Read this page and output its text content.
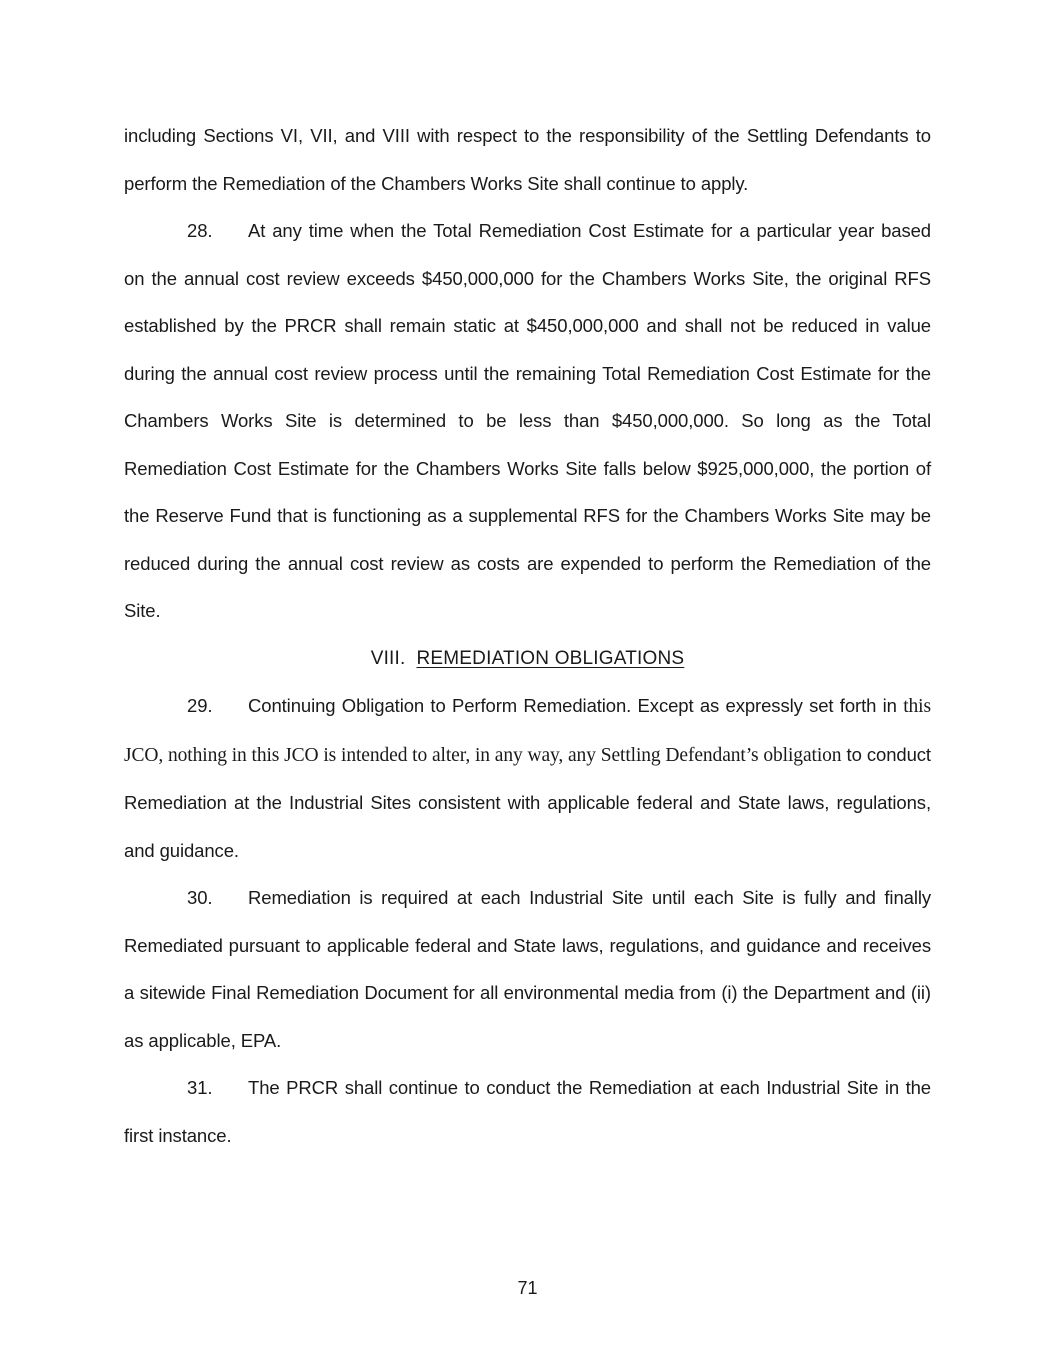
including Sections VI, VII, and VIII with respect to the responsibility of the Settling Defendants to perform the Remediation of the Chambers Works Site shall continue to apply.

28. At any time when the Total Remediation Cost Estimate for a particular year based on the annual cost review exceeds $450,000,000 for the Chambers Works Site, the original RFS established by the PRCR shall remain static at $450,000,000 and shall not be reduced in value during the annual cost review process until the remaining Total Remediation Cost Estimate for the Chambers Works Site is determined to be less than $450,000,000. So long as the Total Remediation Cost Estimate for the Chambers Works Site falls below $925,000,000, the portion of the Reserve Fund that is functioning as a supplemental RFS for the Chambers Works Site may be reduced during the annual cost review as costs are expended to perform the Remediation of the Site.

VIII. REMEDIATION OBLIGATIONS

29. Continuing Obligation to Perform Remediation. Except as expressly set forth in this JCO, nothing in this JCO is intended to alter, in any way, any Settling Defendant’s obligation to conduct Remediation at the Industrial Sites consistent with applicable federal and State laws, regulations, and guidance.

30. Remediation is required at each Industrial Site until each Site is fully and finally Remediated pursuant to applicable federal and State laws, regulations, and guidance and receives a sitewide Final Remediation Document for all environmental media from (i) the Department and (ii) as applicable, EPA.

31. The PRCR shall continue to conduct the Remediation at each Industrial Site in the first instance.

71
